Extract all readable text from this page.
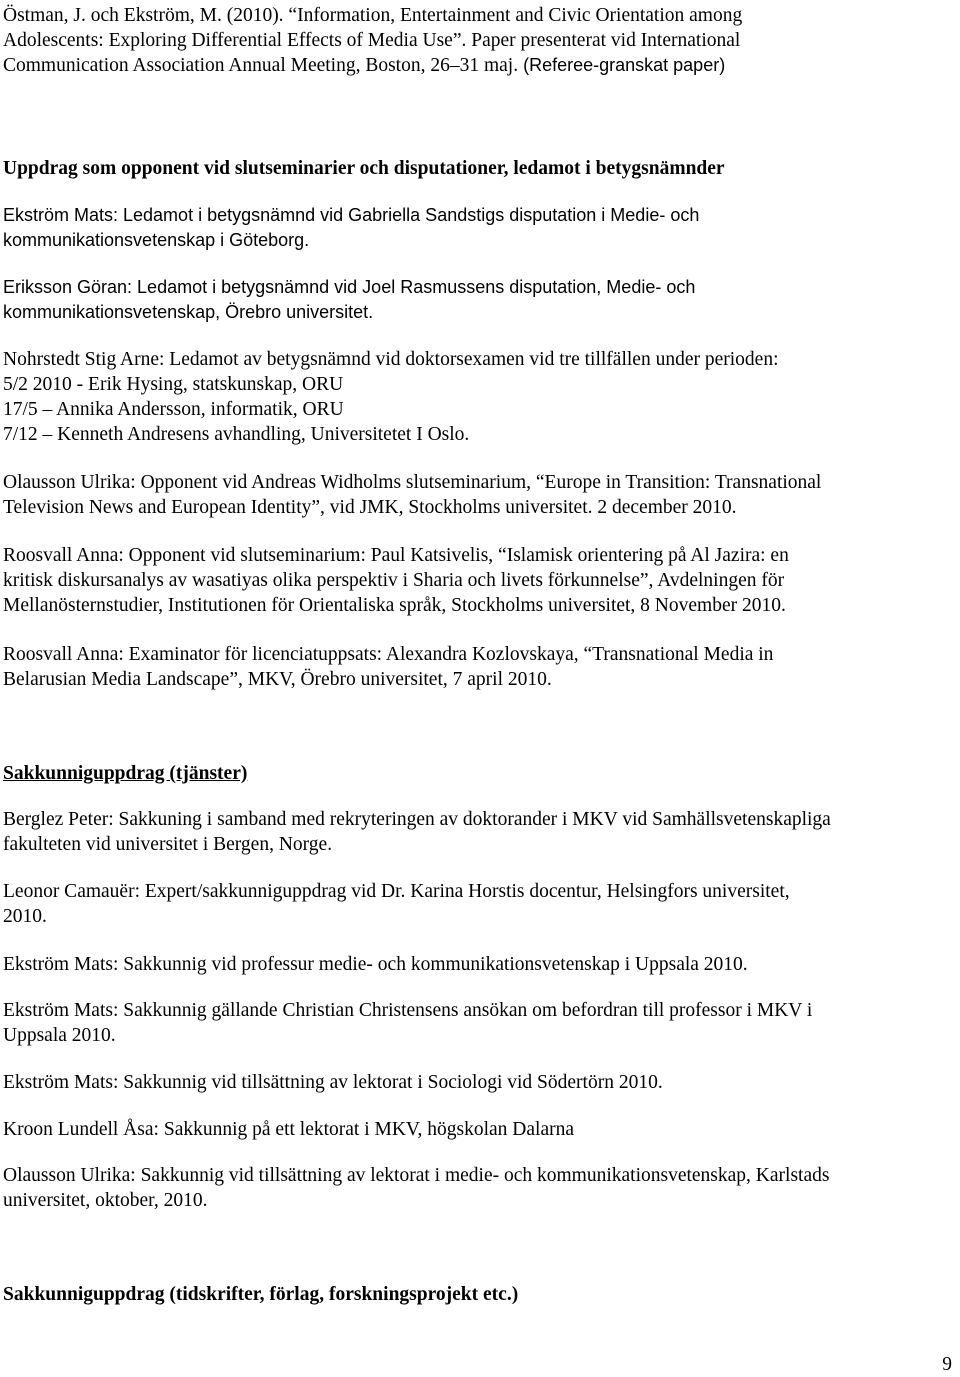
Östman, J. och Ekström, M. (2010). “Information, Entertainment and Civic Orientation among

Adolescents: Exploring Differential Effects of Media Use”. Paper presenterat vid International

Communication Association Annual Meeting, Boston, 26–31 maj. (Referee-granskat paper)

Uppdrag som opponent vid slutseminarier och disputationer, ledamot i betygsnämnder

Ekström Mats: Ledamot i betygsnämnd vid Gabriella Sandstigs disputation i Medie- och

kommunikationsvetenskap i Göteborg.

Eriksson Göran: Ledamot i betygsnämnd vid Joel Rasmussens disputation, Medie- och

kommunikationsvetenskap, Örebro universitet.

Nohrstedt Stig Arne: Ledamot av betygsnämnd vid doktorsexamen vid tre tillfällen under perioden:

5/2 2010 - Erik Hysing, statskunskap, ORU

17/5 – Annika Andersson, informatik, ORU

7/12 – Kenneth Andresens avhandling, Universitetet I Oslo.

Olausson Ulrika: Opponent vid Andreas Widholms slutseminarium, “Europe in Transition: Transnational

Television News and European Identity”, vid JMK, Stockholms universitet. 2 december 2010.

Roosvall Anna: Opponent vid slutseminarium: Paul Katsivelis, “Islamisk orientering på Al Jazira: en

kritisk diskursanalys av wasatiyas olika perspektiv i Sharia och livets förkunnelse”, Avdelningen för

Mellanösternstudier, Institutionen för Orientaliska språk, Stockholms universitet, 8 November 2010.

Roosvall Anna: Examinator för licenciatuppsats: Alexandra Kozlovskaya, “Transnational Media in

Belarusian Media Landscape”, MKV, Örebro universitet, 7 april 2010.

Sakkunniguppdrag (tjänster)

Berglez Peter: Sakkuning i samband med rekryteringen av doktorander i MKV vid Samhällsvetenskapliga

fakulteten vid universitet i Bergen, Norge.

Leonor Camauër: Expert/sakkunniguppdrag vid Dr. Karina Horstis docentur, Helsingfors universitet,

2010.

Ekström Mats: Sakkunnig vid professur medie- och kommunikationsvetenskap i Uppsala 2010.

Ekström Mats: Sakkunnig gällande Christian Christensens ansökan om befordran till professor i MKV i

Uppsala 2010.

Ekström Mats: Sakkunnig vid tillsättning av lektorat i Sociologi vid Södertörn 2010.

Kroon Lundell Åsa: Sakkunnig på ett lektorat i MKV, högskolan Dalarna

Olausson Ulrika: Sakkunnig vid tillsättning av lektorat i medie- och kommunikationsvetenskap, Karlstads

universitet, oktober, 2010.

Sakkunniguppdrag (tidskrifter, förlag, forskningsprojekt etc.)
9
